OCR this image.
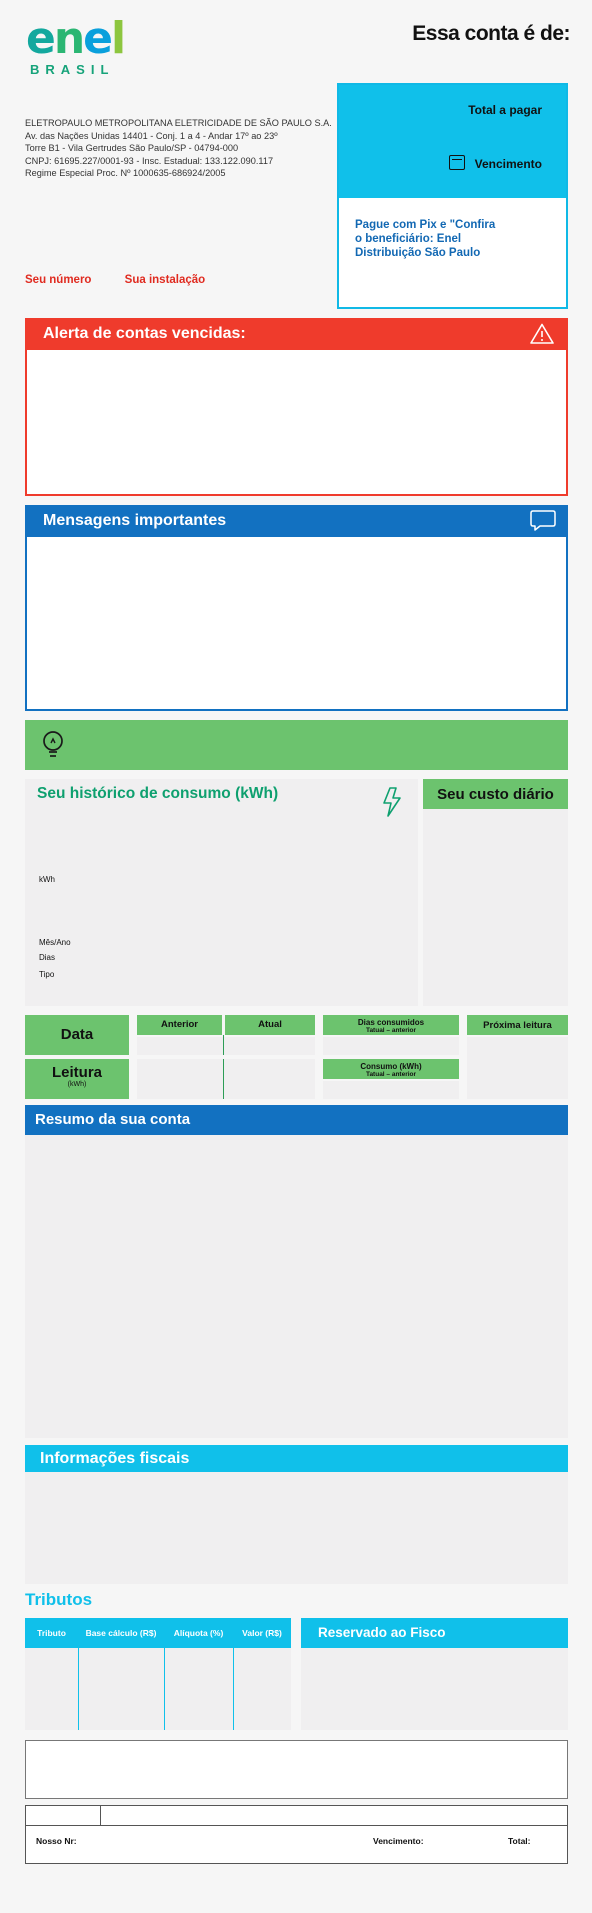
enel
BRASIL
Essa conta é de:
ELETROPAULO METROPOLITANA ELETRICIDADE DE SÃO PAULO S.A.
Av. das Nações Unidas 14401 - Conj. 1 a 4 - Andar 17º ao 23º
Torre B1 - Vila Gertrudes São Paulo/SP - 04794-000
CNPJ: 61695.227/0001-93 - Insc. Estadual: 133.122.090.117
Regime Especial Proc. Nº 1000635-686924/2005
Seu número	Sua instalação
Total a pagar
Vencimento
Pague com Pix e "Confira o beneficiário: Enel Distribuição São Paulo
Alerta de contas vencidas:
Mensagens importantes
Seu histórico de consumo (kWh)
kWh
Mês/Ano
Dias
Tipo
Seu custo diário
Data
Leitura
(kWh)
Anterior	Atual	Dias consumidos
Tatual – anterior
Consumo (kWh)
Tatual – anterior
Próxima leitura
Resumo da sua conta
Informações fiscais
Tributos
Tributo	Base cálculo (R$)	Alíquota (%)	Valor (R$)	Reservado ao Fisco
Nosso Nr:	Vencimento:	Total:
